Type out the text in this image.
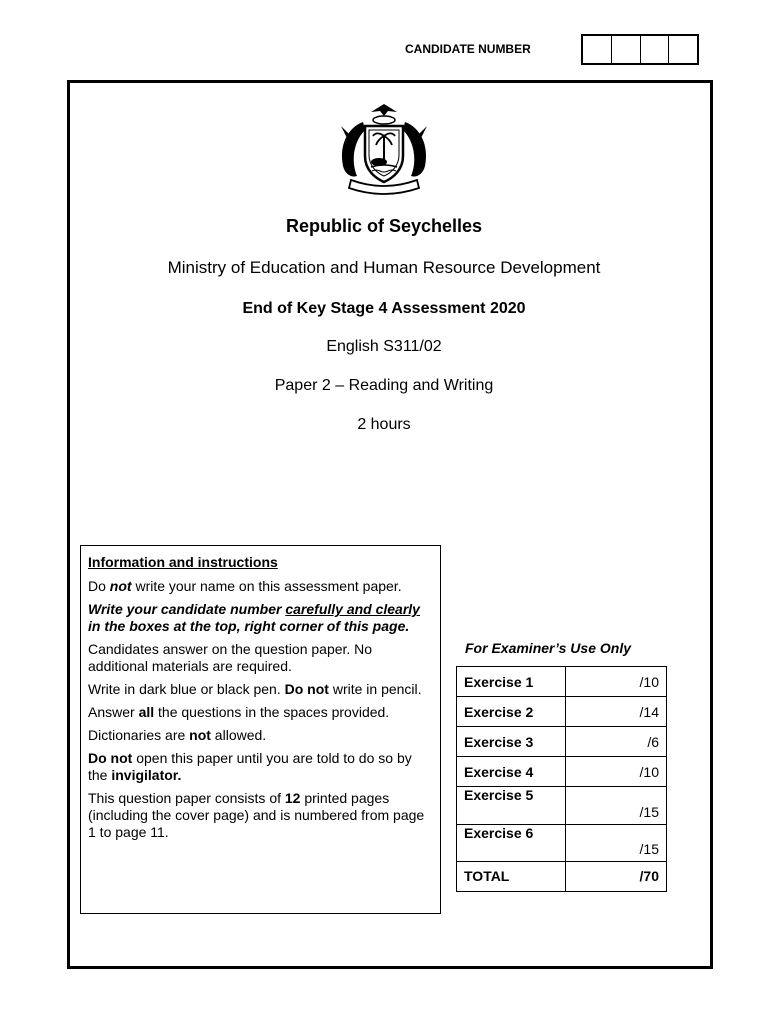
CANDIDATE NUMBER
Republic of Seychelles
Ministry of Education and Human Resource Development
End of Key Stage 4 Assessment 2020
English S311/02
Paper 2 – Reading and Writing
2 hours

Information and instructions

Do not write your name on this assessment paper.

Write your candidate number carefully and clearly in the boxes at the top, right corner of this page.

Candidates answer on the question paper. No additional materials are required.

Write in dark blue or black pen. Do not write in pencil.

Answer all the questions in the spaces provided.

Dictionaries are not allowed.

Do not open this paper until you are told to do so by the invigilator.

This question paper consists of 12 printed pages (including the cover page) and is numbered from page 1 to page 11.

For Examiner’s Use Only
Exercise 1	/10
Exercise 2	/14
Exercise 3	/6
Exercise 4	/10
Exercise 5	/15
Exercise 6	/15
TOTAL	/70
